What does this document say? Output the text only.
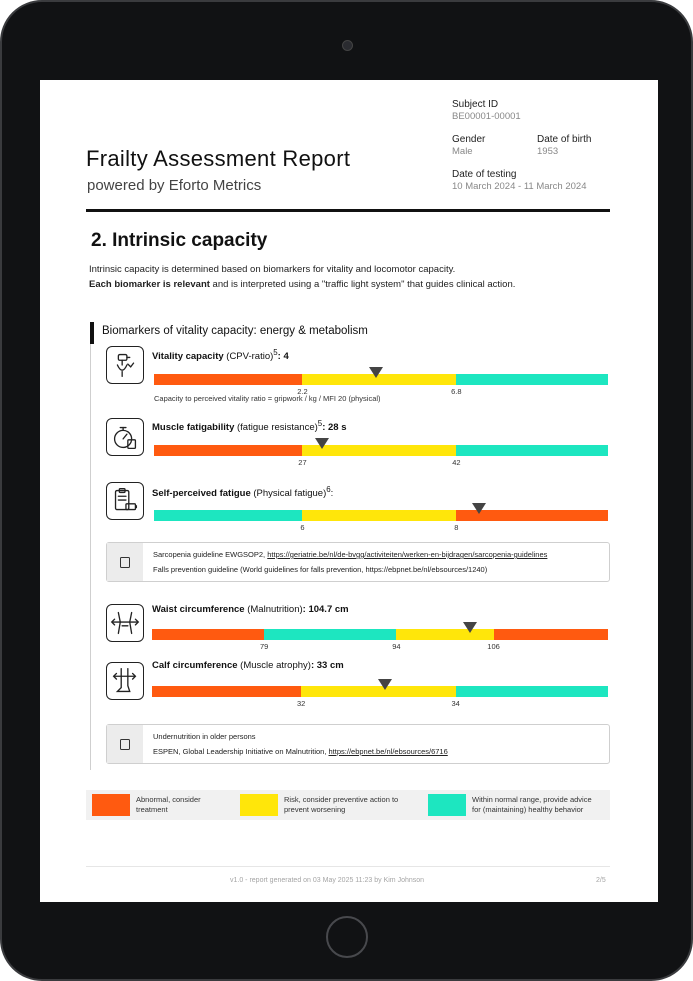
Frailty Assessment Report
powered by Eforto Metrics
Subject ID
BE00001-00001
Gender
Male
Date of birth
1953
Date of testing
10 March 2024 - 11 March 2024
2. Intrinsic capacity
Intrinsic capacity is determined based on biomarkers for vitality and locomotor capacity.
Each biomarker is relevant and is interpreted using a "traffic light system" that guides clinical action.
Biomarkers of vitality capacity: energy & metabolism
Vitality capacity (CPV-ratio)$^5$: 4
2.2	6.8
Capacity to perceived vitality ratio = gripwork / kg / MFI 20 (physical)
Muscle fatigability (fatigue resistance)$^5$: 28 s
27	42
Self-perceived fatigue (Physical fatigue)$^6$:
6	8
Sarcopenia guideline EWGSOP2, https://geriatrie.be/nl/de-bvgg/activiteiten/werken-en-bijdragen/sarcopenia-guidelines
Falls prevention guideline (World guidelines for falls prevention, https://ebpnet.be/nl/ebsources/1240)
Waist circumference (Malnutrition): 104.7 cm
79	94	106
Calf circumference (Muscle atrophy): 33 cm
32	34
Undernutrition in older persons
ESPEN, Global Leadership Initiative on Malnutrition, https://ebpnet.be/nl/ebsources/6716
Abnormal, consider
treatment
Risk, consider preventive action to
prevent worsening
Within normal range, provide advice
for (maintaining) healthy behavior
v1.0 - report generated on 03 May 2025 11:23 by Kim Johnson	2/5
